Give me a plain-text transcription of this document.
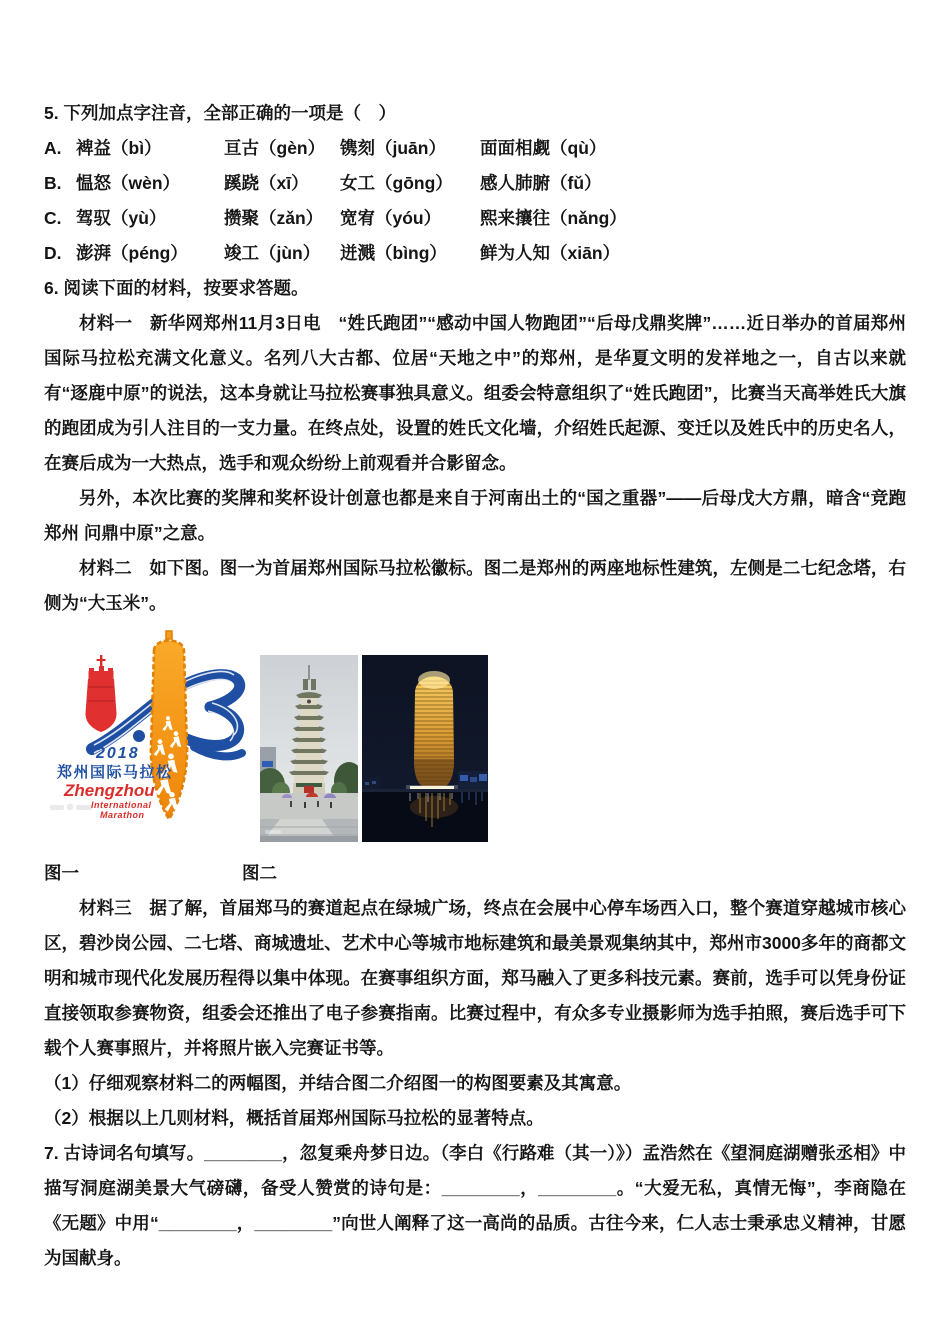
5. 下列加点字注音，全部正确的一项是（　）

A. 裨益（bì）	亘古（gèn） 镌刻（juān）	面面相觑（qù）
B. 愠怒（wèn）	蹊跷（xī）	女工（gōng）	感人肺腑（fǔ）
C. 驾驭（yù）	攒聚（zǎn） 宽宥（yóu）	熙来攘往（nǎng）
D. 澎湃（péng）	竣工（jùn）	迸溅（bìng）	鲜为人知（xiān）

6. 阅读下面的材料，按要求答题。

材料一　新华网郑州11月3日电　“姓氏跑团”“感动中国人物跑团”“后母戊鼎奖牌”……近日举办的首届郑州国际马拉松充满文化意义。名列八大古都、位居“天地之中”的郑州，是华夏文明的发祥地之一，自古以来就有“逐鹿中原”的说法，这本身就让马拉松赛事独具意义。组委会特意组织了“姓氏跑团”，比赛当天高举姓氏大旗的跑团成为引人注目的一支力量。在终点处，设置的姓氏文化墙，介绍姓氏起源、变迁以及姓氏中的历史名人，在赛后成为一大热点，选手和观众纷纷上前观看并合影留念。

另外，本次比赛的奖牌和奖杯设计创意也都是来自于河南出土的“国之重器”——后母戊大方鼎，暗含“竞跑郑州 问鼎中原”之意。

材料二　如下图。图一为首届郑州国际马拉松徽标。图二是郑州的两座地标性建筑，左侧是二七纪念塔，右侧为“大玉米”。

2018
郑州国际马拉松
Zhengzhou
International
Marathon
图一	图二

材料三　据了解，首届郑马的赛道起点在绿城广场，终点在会展中心停车场西入口，整个赛道穿越城市核心区，碧沙岗公园、二七塔、商城遗址、艺术中心等城市地标建筑和最美景观集纳其中，郑州市3000多年的商都文明和城市现代化发展历程得以集中体现。在赛事组织方面，郑马融入了更多科技元素。赛前，选手可以凭身份证直接领取参赛物资，组委会还推出了电子参赛指南。比赛过程中，有众多专业摄影师为选手拍照，赛后选手可下载个人赛事照片，并将照片嵌入完赛证书等。

（1）仔细观察材料二的两幅图，并结合图二介绍图一的构图要素及其寓意。

（2）根据以上几则材料，概括首届郑州国际马拉松的显著特点。

7. 古诗词名句填写。________，忽复乘舟梦日边。（李白《行路难（其一）》）孟浩然在《望洞庭湖赠张丞相》中描写洞庭湖美景大气磅礴，备受人赞赏的诗句是：________，________。“大爱无私，真情无悔”，李商隐在《无题》中用“________，________”向世人阐释了这一高尚的品质。古往今来，仁人志士秉承忠义精神，甘愿为国献身。
